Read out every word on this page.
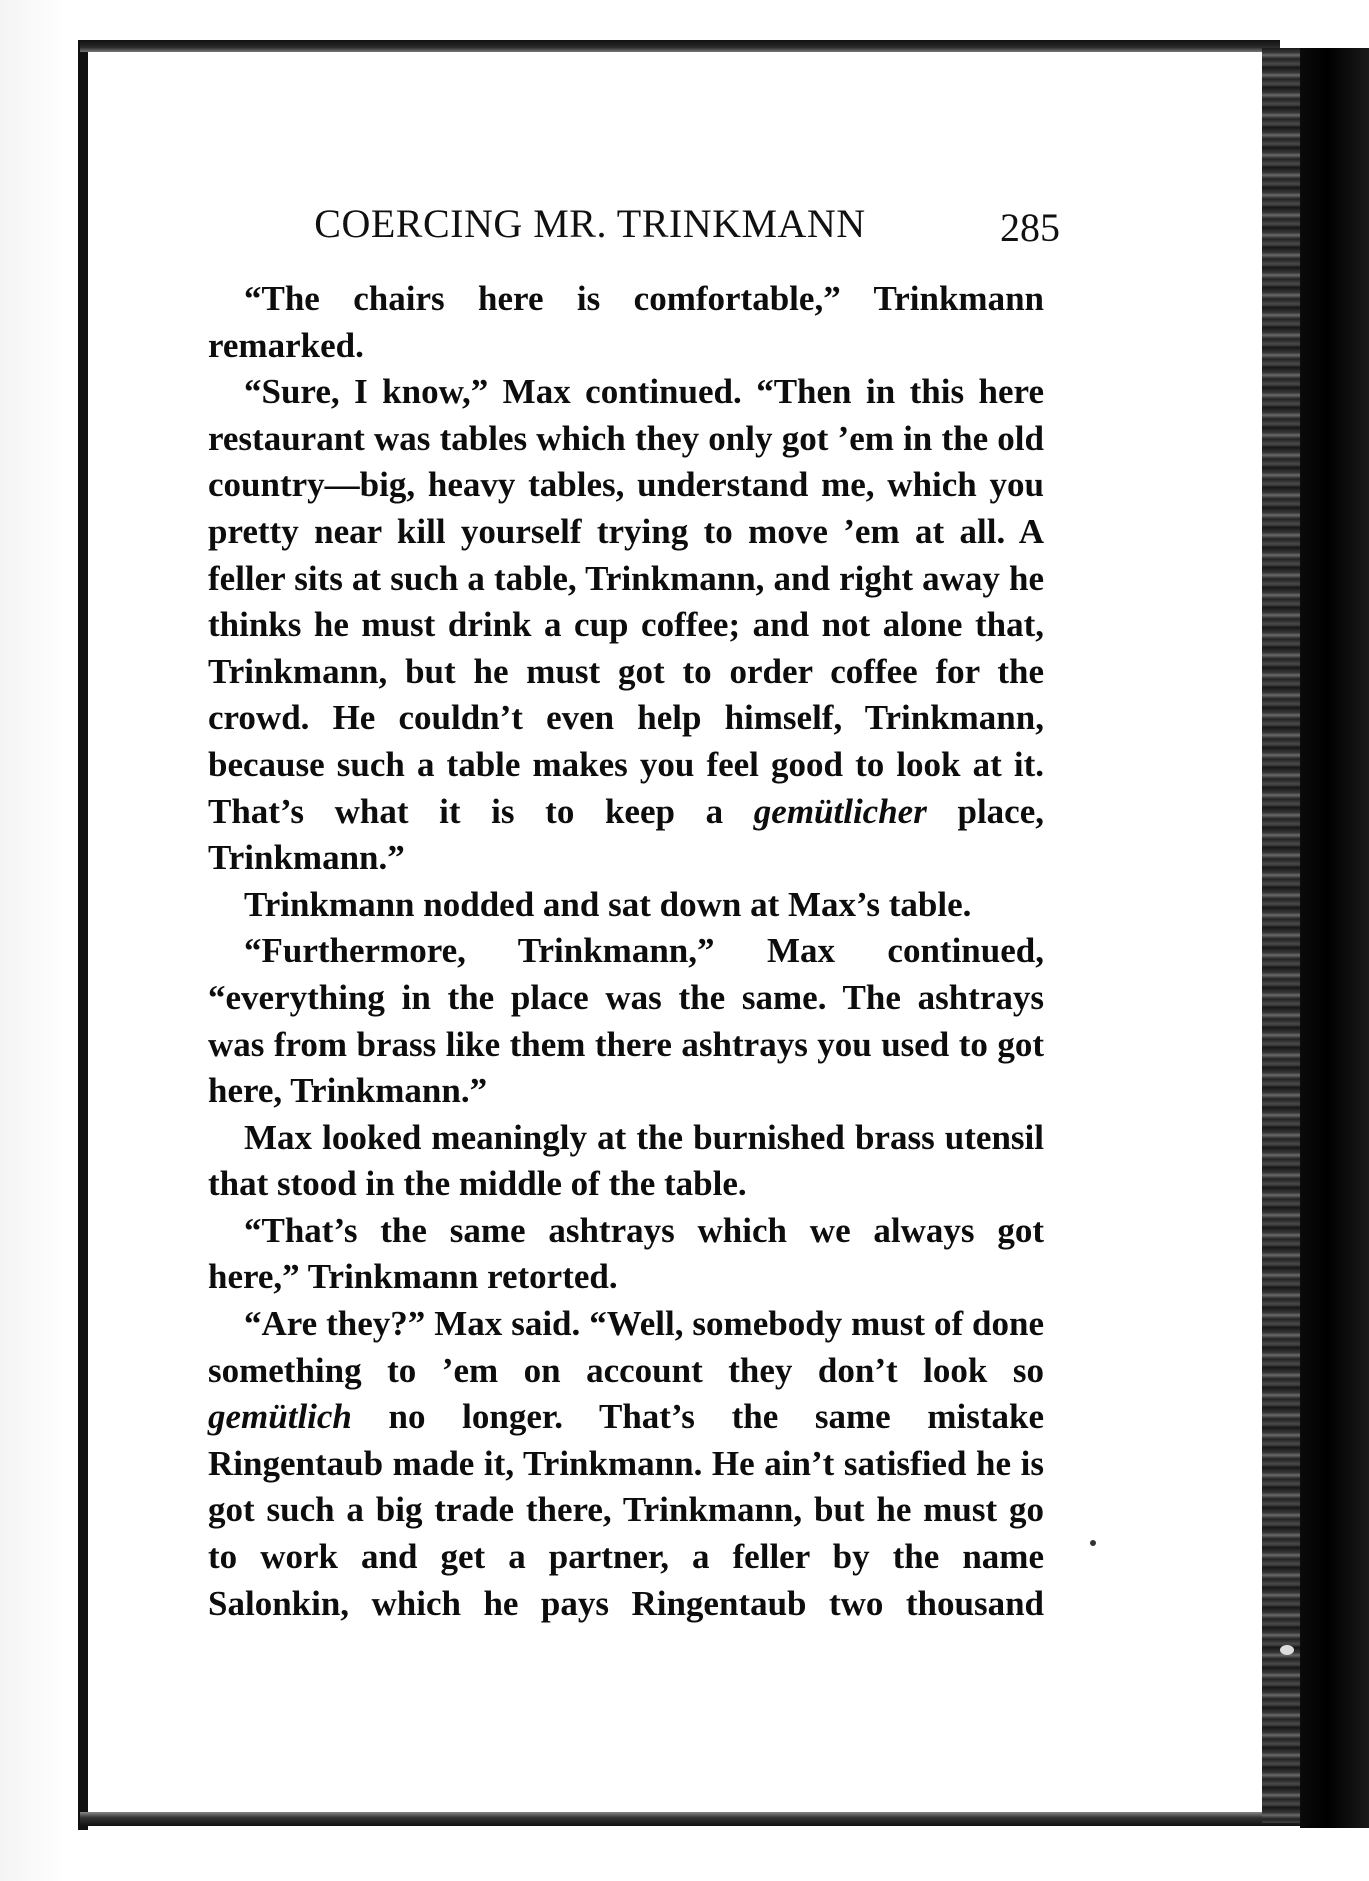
COERCING MR. TRINKMANN	285

“The chairs here is comfortable,” Trinkmann remarked.

“Sure, I know,” Max continued. “Then in this here restaurant was tables which they only got ’em in the old country—big, heavy tables, understand me, which you pretty near kill yourself trying to move ’em at all. A feller sits at such a table, Trinkmann, and right away he thinks he must drink a cup coffee; and not alone that, Trinkmann, but he must got to order coffee for the crowd. He couldn’t even help himself, Trinkmann, because such a table makes you feel good to look at it. That’s what it is to keep a gemütlicher place, Trinkmann.”

Trinkmann nodded and sat down at Max’s table.

“Furthermore, Trinkmann,” Max continued, “everything in the place was the same. The ashtrays was from brass like them there ashtrays you used to got here, Trinkmann.”

Max looked meaningly at the burnished brass utensil that stood in the middle of the table.

“That’s the same ashtrays which we always got here,” Trinkmann retorted.

“Are they?” Max said. “Well, somebody must of done something to ’em on account they don’t look so gemütlich no longer. That’s the same mistake Ringentaub made it, Trinkmann. He ain’t satisfied he is got such a big trade there, Trinkmann, but he must go to work and get a partner, a feller by the name Salonkin, which he pays Ringentaub two thousand
